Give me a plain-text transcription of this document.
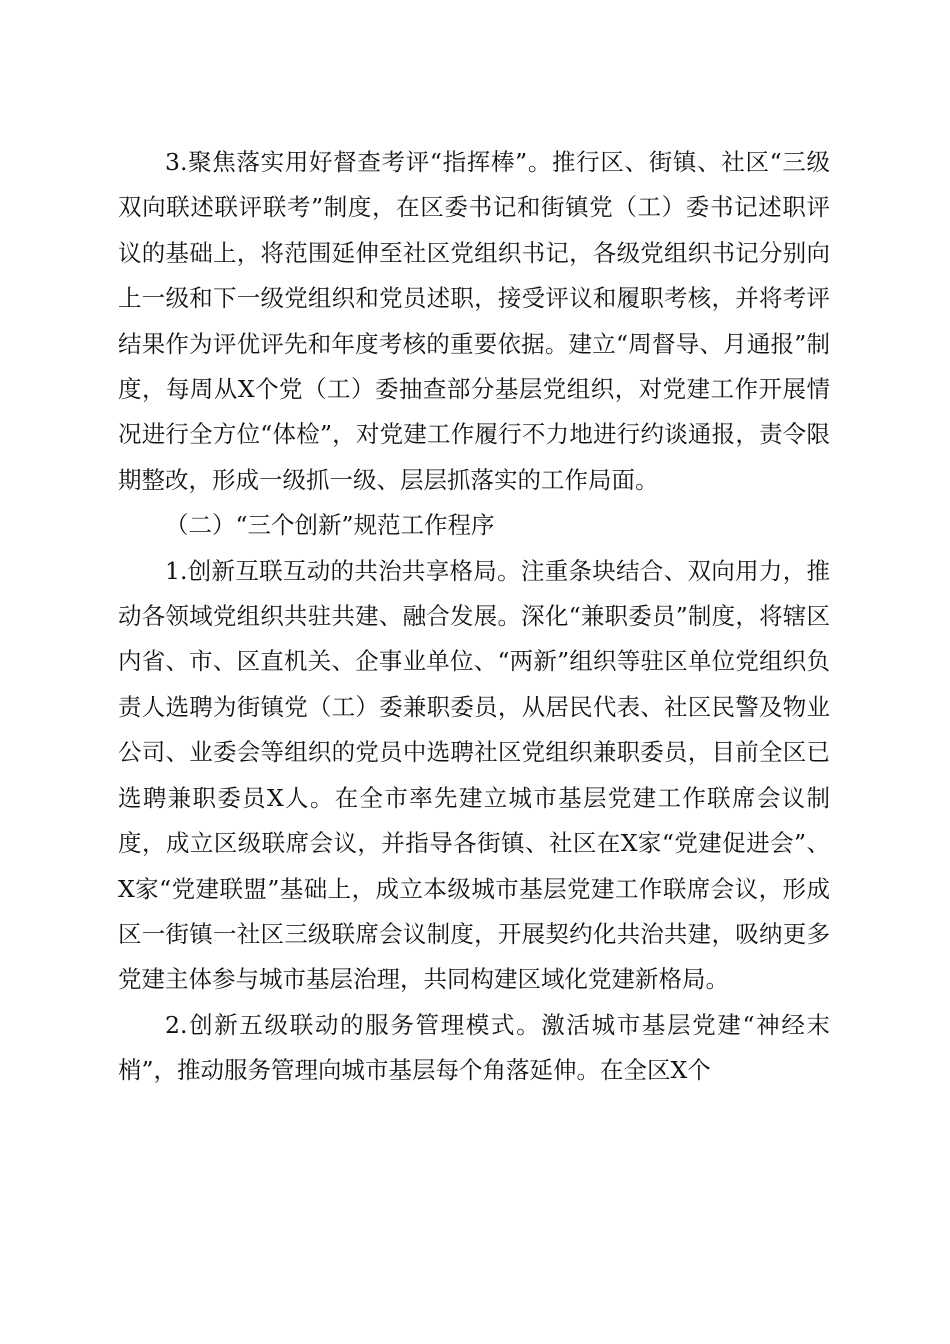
3.聚焦落实用好督查考评“指挥棒”。推行区、街镇、社区“三级双向联述联评联考”制度，在区委书记和街镇党（工）委书记述职评议的基础上，将范围延伸至社区党组织书记，各级党组织书记分别向上一级和下一级党组织和党员述职，接受评议和履职考核，并将考评结果作为评优评先和年度考核的重要依据。建立“周督导、月通报”制度，每周从X个党（工）委抽查部分基层党组织，对党建工作开展情况进行全方位“体检”，对党建工作履行不力地进行约谈通报，责令限期整改，形成一级抓一级、层层抓落实的工作局面。

（二）“三个创新”规范工作程序

1.创新互联互动的共治共享格局。注重条块结合、双向用力，推动各领域党组织共驻共建、融合发展。深化“兼职委员”制度，将辖区内省、市、区直机关、企事业单位、“两新”组织等驻区单位党组织负责人选聘为街镇党（工）委兼职委员，从居民代表、社区民警及物业公司、业委会等组织的党员中选聘社区党组织兼职委员，目前全区已选聘兼职委员X人。在全市率先建立城市基层党建工作联席会议制度，成立区级联席会议，并指导各街镇、社区在X家“党建促进会”、X家“党建联盟”基础上，成立本级城市基层党建工作联席会议，形成区一街镇一社区三级联席会议制度，开展契约化共治共建，吸纳更多党建主体参与城市基层治理，共同构建区域化党建新格局。

2.创新五级联动的服务管理模式。激活城市基层党建“神经末梢”，推动服务管理向城市基层每个角落延伸。在全区X个
